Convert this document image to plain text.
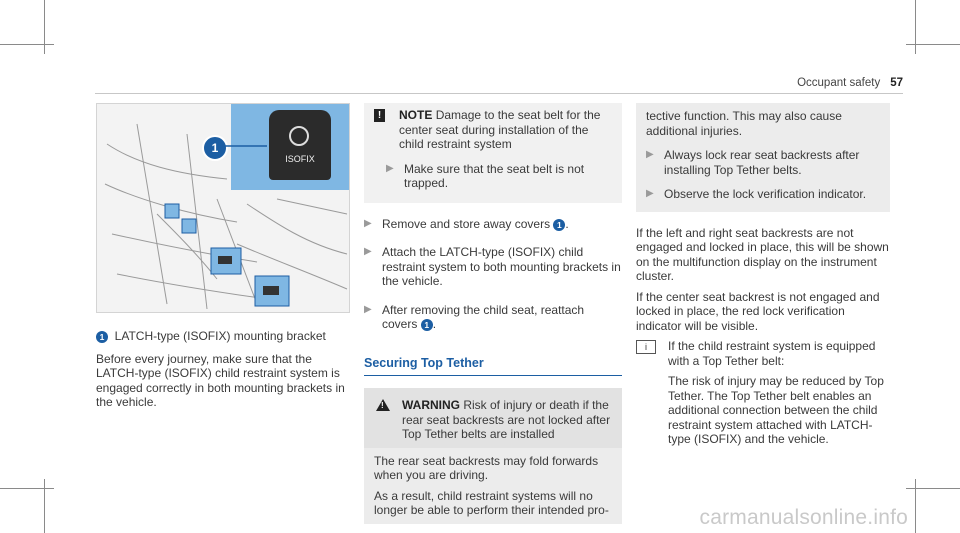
Occupant safety 57
ISOFIX
1
1 LATCH-type (ISOFIX) mounting bracket

Before every journey, make sure that the LATCH-type (ISOFIX) child restraint system is engaged correctly in both mounting brackets in the vehicle.

!	NOTE Damage to the seat belt for the center seat during installation of the child restraint system
▶ Make sure that the seat belt is not trapped.
▶ Remove and store away covers 1 .
▶ Attach the LATCH-type (ISOFIX) child restraint system to both mounting brackets in the vehicle.
▶ After removing the child seat, reattach covers 1 .
Securing Top Tether
! WARNING Risk of injury or death if the rear seat backrests are not locked after Top Tether belts are installed

The rear seat backrests may fold forwards when you are driving.

As a result, child restraint systems will no longer be able to perform their intended pro-

tective function. This may also cause additional injuries.

▶ Always lock rear seat backrests after installing Top Tether belts.
▶ Observe the lock verification indicator.

If the left and right seat backrests are not engaged and locked in place, this will be shown on the multifunction display on the instrument cluster.

If the center seat backrest is not engaged and locked in place, the red lock verification indicator will be visible.

i	If the child restraint system is equipped with a Top Tether belt:

The risk of injury may be reduced by Top Tether. The Top Tether belt enables an additional connection between the child restraint system attached with LATCH-type (ISOFIX) and the vehicle.

carmanualsonline.info
